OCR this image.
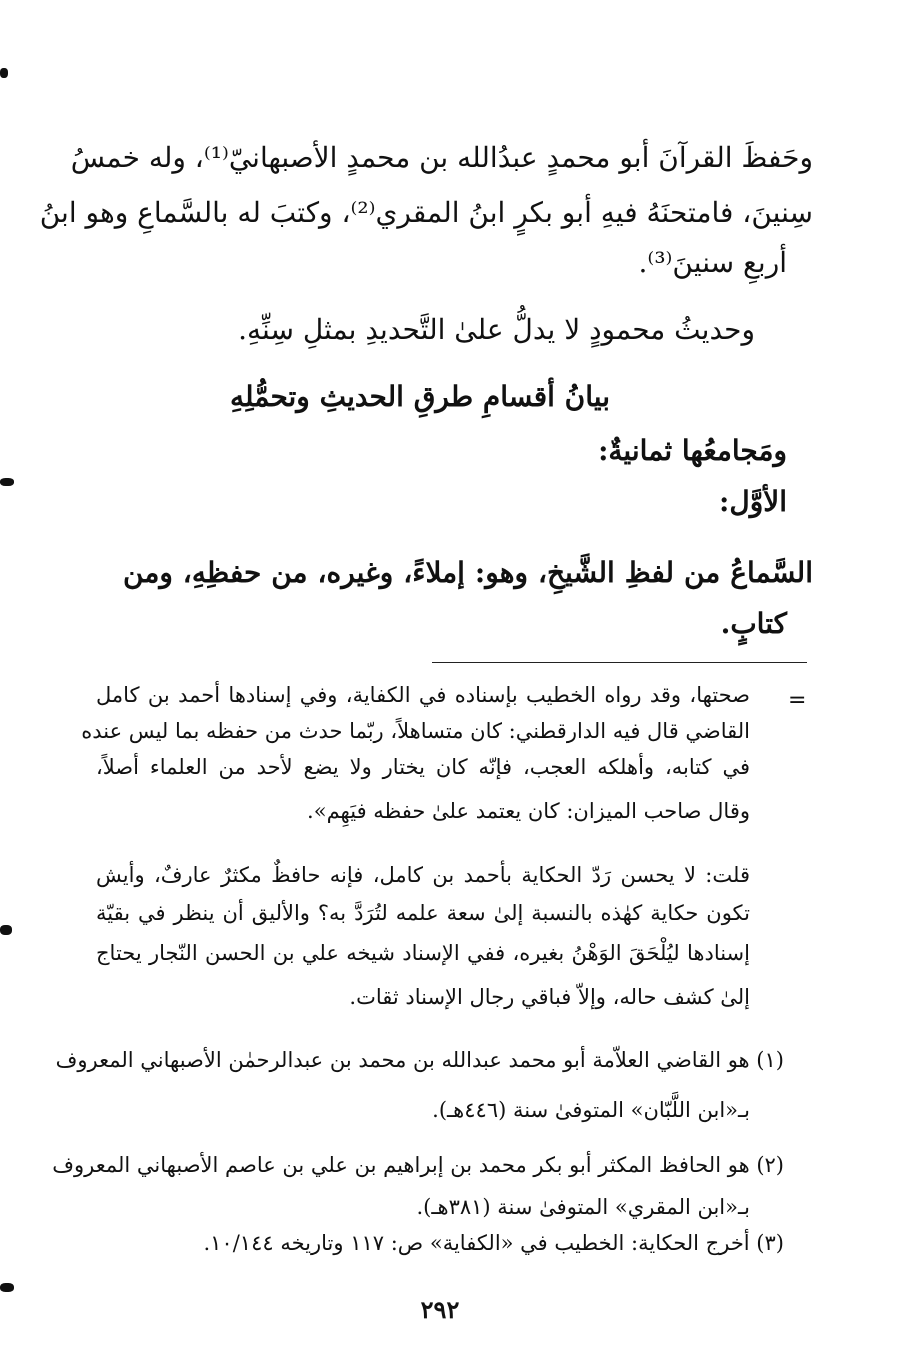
وحَفظَ القرآنَ أبو محمدٍ عبدُالله بن محمدٍ الأصبهانيّ⁽¹⁾، وله خمسُ
سِنينَ، فامتحنَهُ فيهِ أبو بكرٍ ابنُ المقري⁽²⁾، وكتبَ له بالسَّماعِ وهو ابنُ
أربعِ سنينَ⁽³⁾.
وحديثُ محمودٍ لا يدلُّ علىٰ التَّحديدِ بمثلِ سِنِّهِ.
بيانُ أقسامِ طرقِ الحديثِ وتحمُّلِهِ
ومَجامعُها ثمانيةٌ:
الأوَّل:
السَّماعُ من لفظِ الشَّيخِ، وهو: إملاءً، وغيره، من حفظِهِ، ومن
كتابٍ.
=
صحتها، وقد رواه الخطيب بإسناده في الكفاية، وفي إسنادها أحمد بن كامل
القاضي قال فيه الدارقطني: كان متساهلاً، ربّما حدث من حفظه بما ليس عنده
في كتابه، وأهلكه العجب، فإنّه كان يختار ولا يضع لأحد من العلماء أصلاً،
وقال صاحب الميزان: كان يعتمد علىٰ حفظه فيَهِم».
قلت: لا يحسن رَدّ الحكاية بأحمد بن كامل، فإنه حافظٌ مكثرٌ عارفٌ، وأيش
تكون حكاية كهٰذه بالنسبة إلىٰ سعة علمه لتُرَدَّ به؟ والأليق أن ينظر في بقيّة
إسنادها ليُلْحَقَ الوَهْنُ بغيره، ففي الإسناد شيخه علي بن الحسن النّجار يحتاج
إلىٰ كشف حاله، وإلاّ فباقي رجال الإسناد ثقات.
(١) هو القاضي العلاّمة أبو محمد عبدالله بن محمد بن عبدالرحمٰن الأصبهاني المعروف
بـ«ابن اللَّبّان» المتوفىٰ سنة (٤٤٦هـ).
(٢) هو الحافظ المكثر أبو بكر محمد بن إبراهيم بن علي بن عاصم الأصبهاني المعروف
بـ«ابن المقري» المتوفىٰ سنة (٣٨١هـ).
(٣) أخرج الحكاية: الخطيب في «الكفاية» ص: ١١٧ وتاريخه ١٠/١٤٤.
٢٩٢
